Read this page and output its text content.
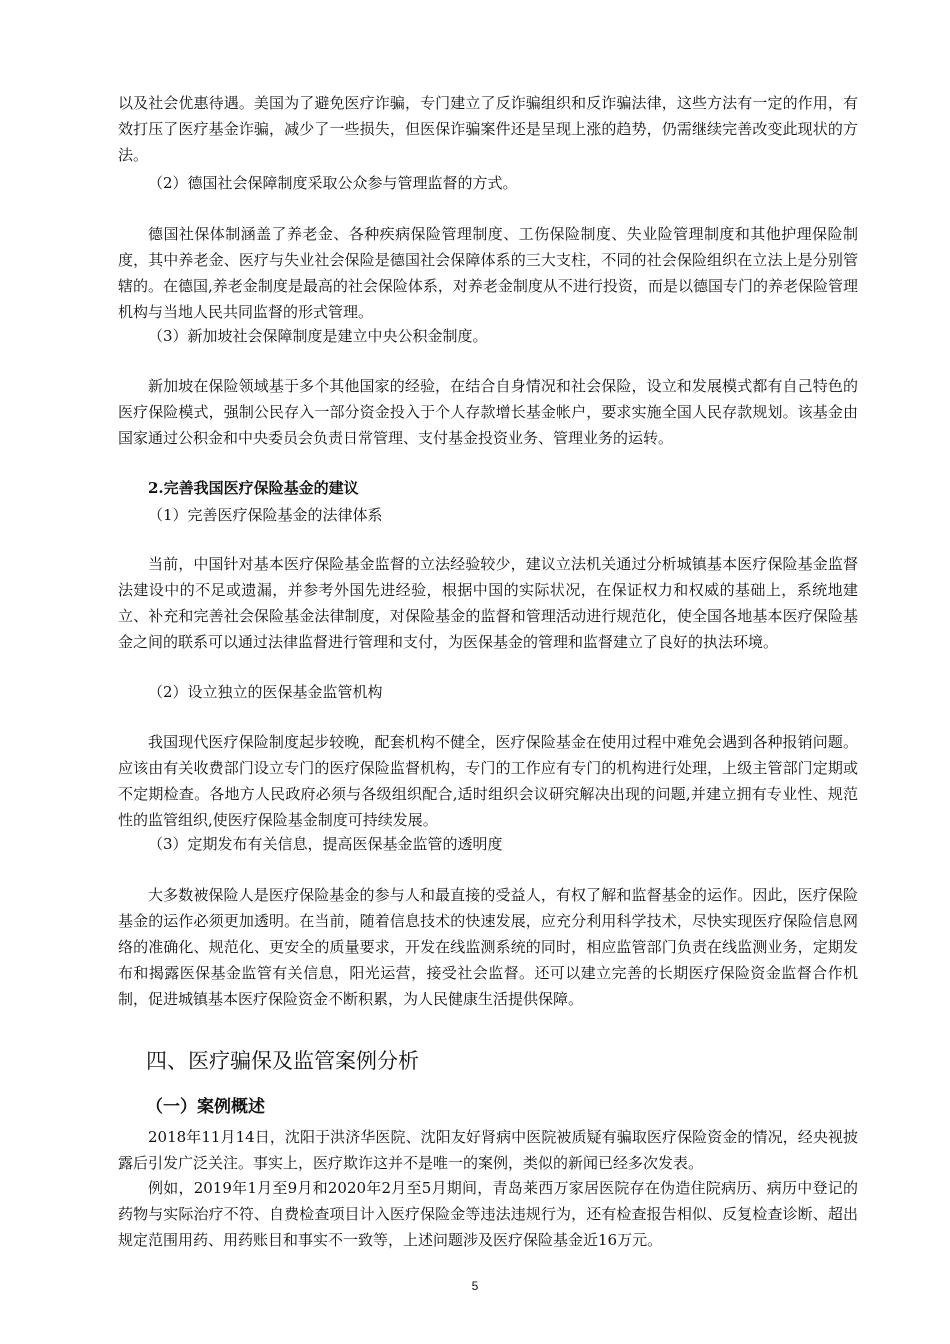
以及社会优惠待遇。美国为了避免医疗诈骗，专门建立了反诈骗组织和反诈骗法律，这些方法有一定的作用，有效打压了医疗基金诈骗，减少了一些损失，但医保诈骗案件还是呈现上涨的趋势，仍需继续完善改变此现状的方法。

（2）德国社会保障制度采取公众参与管理监督的方式。

德国社保体制涵盖了养老金、各种疾病保险管理制度、工伤保险制度、失业险管理制度和其他护理保险制度，其中养老金、医疗与失业社会保险是德国社会保障体系的三大支柱，不同的社会保险组织在立法上是分别管辖的。在德国,养老金制度是最高的社会保险体系，对养老金制度从不进行投资，而是以德国专门的养老保险管理机构与当地人民共同监督的形式管理。

（3）新加坡社会保障制度是建立中央公积金制度。

新加坡在保险领域基于多个其他国家的经验，在结合自身情况和社会保险，设立和发展模式都有自己特色的医疗保险模式，强制公民存入一部分资金投入于个人存款增长基金帐户，要求实施全国人民存款规划。该基金由国家通过公积金和中央委员会负责日常管理、支付基金投资业务、管理业务的运转。

2.完善我国医疗保险基金的建议

（1）完善医疗保险基金的法律体系

当前，中国针对基本医疗保险基金监督的立法经验较少，建议立法机关通过分析城镇基本医疗保险基金监督法建设中的不足或遗漏，并参考外国先进经验，根据中国的实际状况，在保证权力和权威的基础上，系统地建立、补充和完善社会保险基金法律制度，对保险基金的监督和管理活动进行规范化，使全国各地基本医疗保险基金之间的联系可以通过法律监督进行管理和支付，为医保基金的管理和监督建立了良好的执法环境。

（2）设立独立的医保基金监管机构

我国现代医疗保险制度起步较晚，配套机构不健全，医疗保险基金在使用过程中难免会遇到各种报销问题。应该由有关收费部门设立专门的医疗保险监督机构，专门的工作应有专门的机构进行处理，上级主管部门定期或不定期检查。各地方人民政府必须与各级组织配合,适时组织会议研究解决出现的问题,并建立拥有专业性、规范性的监管组织,使医疗保险基金制度可持续发展。

（3）定期发布有关信息，提高医保基金监管的透明度

大多数被保险人是医疗保险基金的参与人和最直接的受益人，有权了解和监督基金的运作。因此，医疗保险基金的运作必须更加透明。在当前，随着信息技术的快速发展，应充分利用科学技术，尽快实现医疗保险信息网络的准确化、规范化、更安全的质量要求，开发在线监测系统的同时，相应监管部门负责在线监测业务，定期发布和揭露医保基金监管有关信息，阳光运营，接受社会监督。还可以建立完善的长期医疗保险资金监督合作机制，促进城镇基本医疗保险资金不断积累，为人民健康生活提供保障。

四、医疗骗保及监管案例分析
（一）案例概述

2018年11月14日，沈阳于洪济华医院、沈阳友好肾病中医院被质疑有骗取医疗保险资金的情况，经央视披露后引发广泛关注。事实上，医疗欺诈这并不是唯一的案例，类似的新闻已经多次发表。

例如，2019年1月至9月和2020年2月至5月期间，青岛莱西万家居医院存在伪造住院病历、病历中登记的药物与实际治疗不符、自费检查项目计入医疗保险金等违法违规行为，还有检查报告相似、反复检查诊断、超出规定范围用药、用药账目和事实不一致等，上述问题涉及医疗保险基金近16万元。

5
